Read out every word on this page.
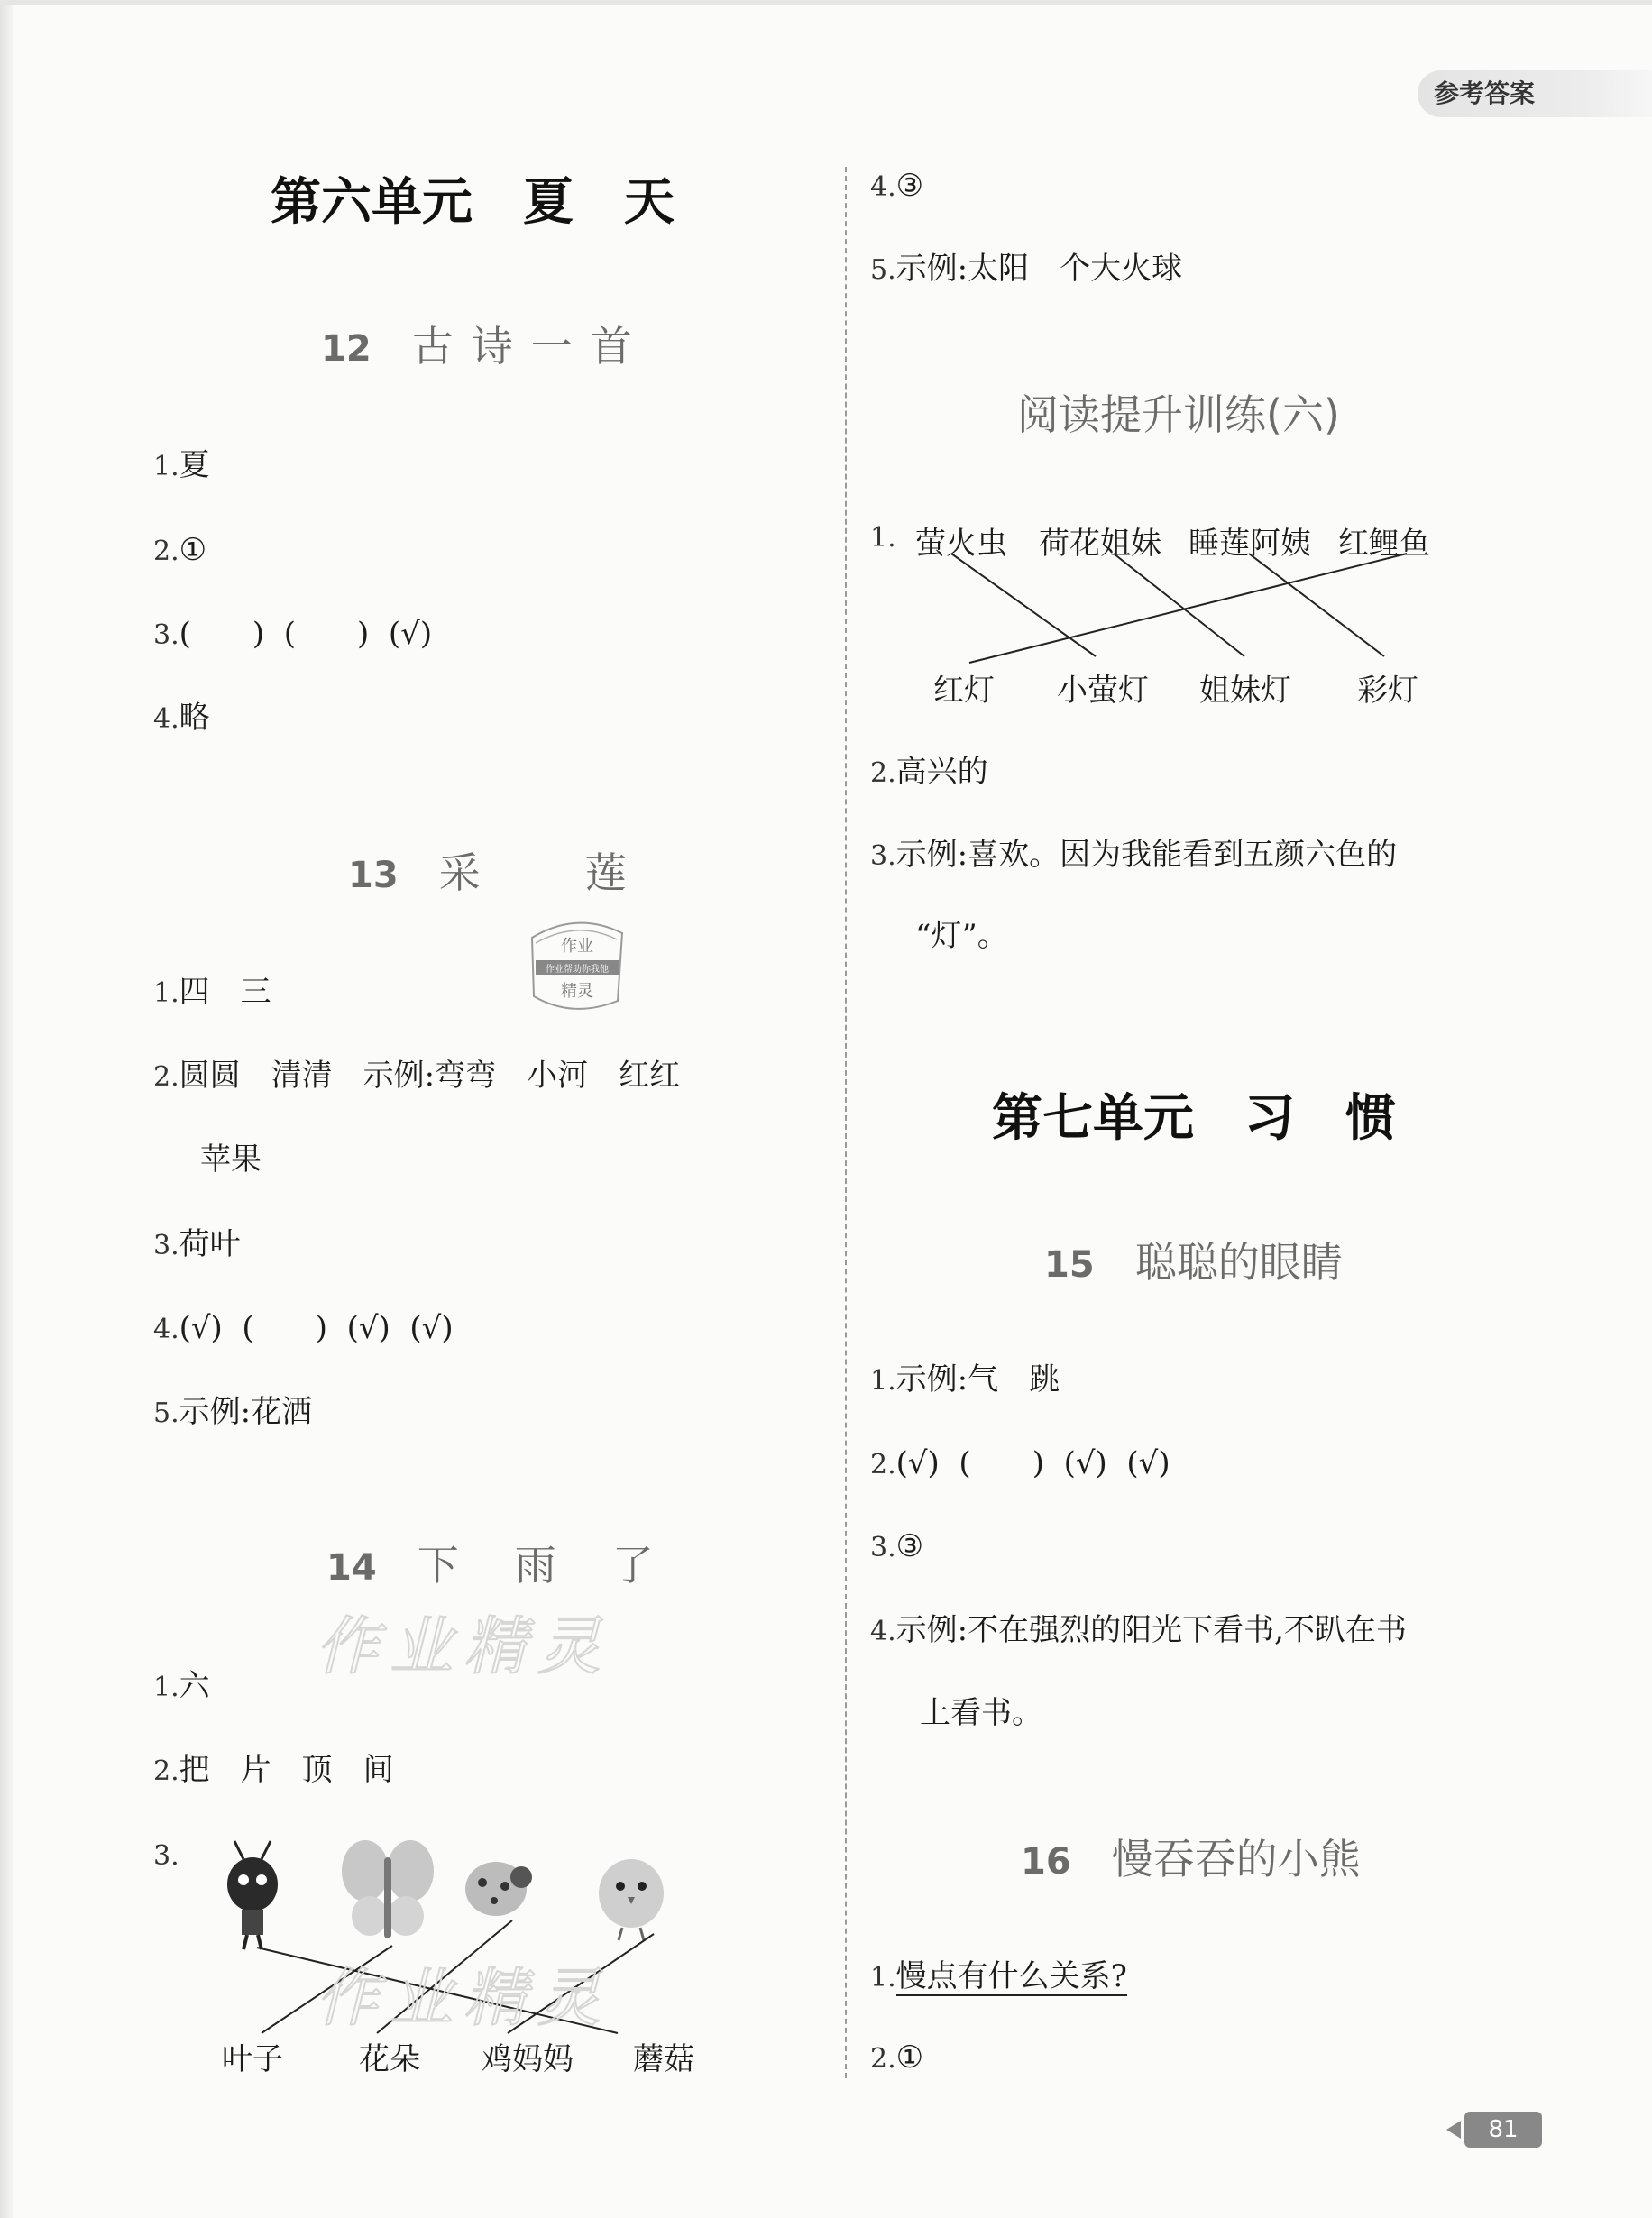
参考答案
第六单元　夏　天
12 古诗一首
1.夏
2.①
3.(　　)  (　　)  (√)
4.略
13 采　　莲
作业
作业帮助你我他
精灵
1.四　三
2.圆圆　清清　示例:弯弯　小河　红红
苹果
3.荷叶
4.(√)  (　　)  (√)  (√)
5.示例:花洒
14 下　雨　了
作业精灵
1.六
2.把　片　顶　间
3.
作业精灵
叶子 花朵 鸡妈妈 蘑菇
4.③
5.示例:太阳　个大火球
阅读提升训练(六)
1. 萤火虫 荷花姐妹 睡莲阿姨 红鲤鱼
红灯 小萤灯 姐妹灯 彩灯
2.高兴的
3.示例:喜欢。因为我能看到五颜六色的
“灯”。
第七单元　习　惯
15 聪聪的眼睛
1.示例:气　跳
2.(√)  (　　)  (√)  (√)
3.③
4.示例:不在强烈的阳光下看书,不趴在书
上看书。
16 慢吞吞的小熊
1.慢点有什么关系?
2.①
81
